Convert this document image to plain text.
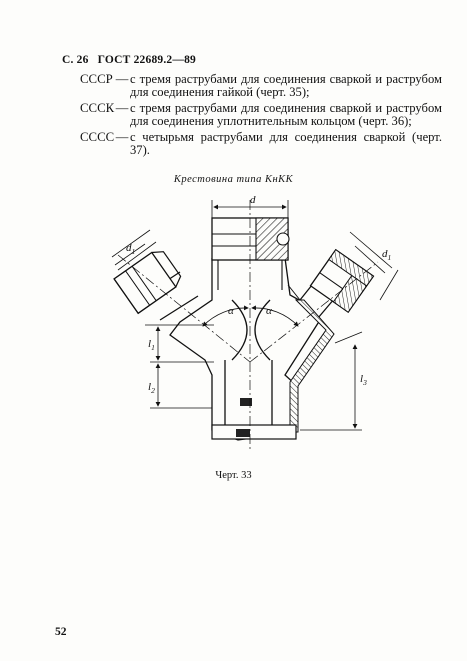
С. 26 ГОСТ 22689.2—89
СССР — с тремя раструбами для соединения сваркой и раструбом для соединения гайкой (черт. 35);
СССК — с тремя раструбами для соединения сваркой и раструбом для соединения уплотнительным кольцом (черт. 36);
СССС — с четырьмя раструбами для соединения сваркой (черт. 37).
Крестовина типа КнКК
d
$d_1$	$d_1$
$l_1$
$l_2$
$l_3$
α	α
Черт. 33
52
